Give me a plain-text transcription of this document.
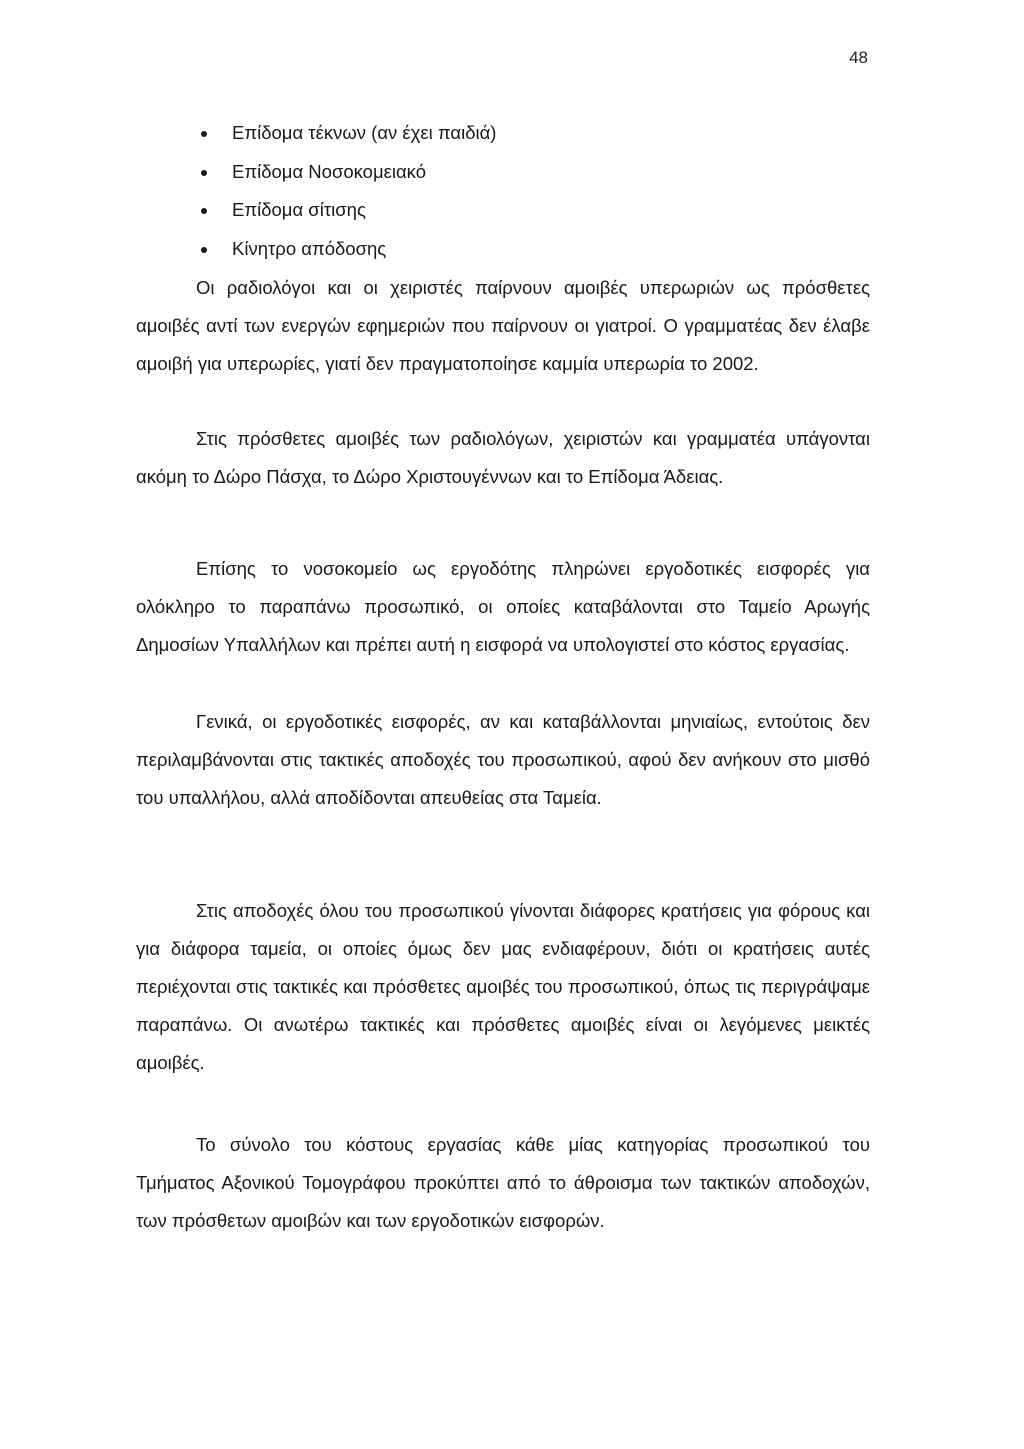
48
Επίδομα τέκνων (αν έχει παιδιά)
Επίδομα Νοσοκομειακό
Επίδομα σίτισης
Κίνητρο απόδοσης

Οι ραδιολόγοι και οι χειριστές παίρνουν αμοιβές υπερωριών ως πρόσθετες αμοιβές αντί των ενεργών εφημεριών που παίρνουν οι γιατροί. Ο γραμματέας δεν έλαβε αμοιβή για υπερωρίες, γιατί δεν πραγματοποίησε καμμία υπερωρία το 2002.

Στις πρόσθετες αμοιβές των ραδιολόγων, χειριστών και γραμματέα υπάγονται ακόμη το Δώρο Πάσχα, το Δώρο Χριστουγέννων και το Επίδομα Άδειας.

Επίσης το νοσοκομείο ως εργοδότης πληρώνει εργοδοτικές εισφορές για ολόκληρο το παραπάνω προσωπικό, οι οποίες καταβάλονται στο Ταμείο Αρωγής Δημοσίων Υπαλλήλων και πρέπει αυτή η εισφορά να υπολογιστεί στο κόστος εργασίας.

Γενικά, οι εργοδοτικές εισφορές, αν και καταβάλλονται μηνιαίως, εντούτοις δεν περιλαμβάνονται στις τακτικές αποδοχές του προσωπικού, αφού δεν ανήκουν στο μισθό του υπαλλήλου, αλλά αποδίδονται απευθείας στα Ταμεία.

Στις αποδοχές όλου του προσωπικού γίνονται διάφορες κρατήσεις για φόρους και για διάφορα ταμεία, οι οποίες όμως δεν μας ενδιαφέρουν, διότι οι κρατήσεις αυτές περιέχονται στις τακτικές και πρόσθετες αμοιβές του προσωπικού, όπως τις περιγράψαμε παραπάνω. Οι ανωτέρω τακτικές και πρόσθετες αμοιβές είναι οι λεγόμενες μεικτές αμοιβές.

Το σύνολο του κόστους εργασίας κάθε μίας κατηγορίας προσωπικού του Τμήματος Αξονικού Τομογράφου προκύπτει από το άθροισμα των τακτικών αποδοχών, των πρόσθετων αμοιβών και των εργοδοτικών εισφορών.
